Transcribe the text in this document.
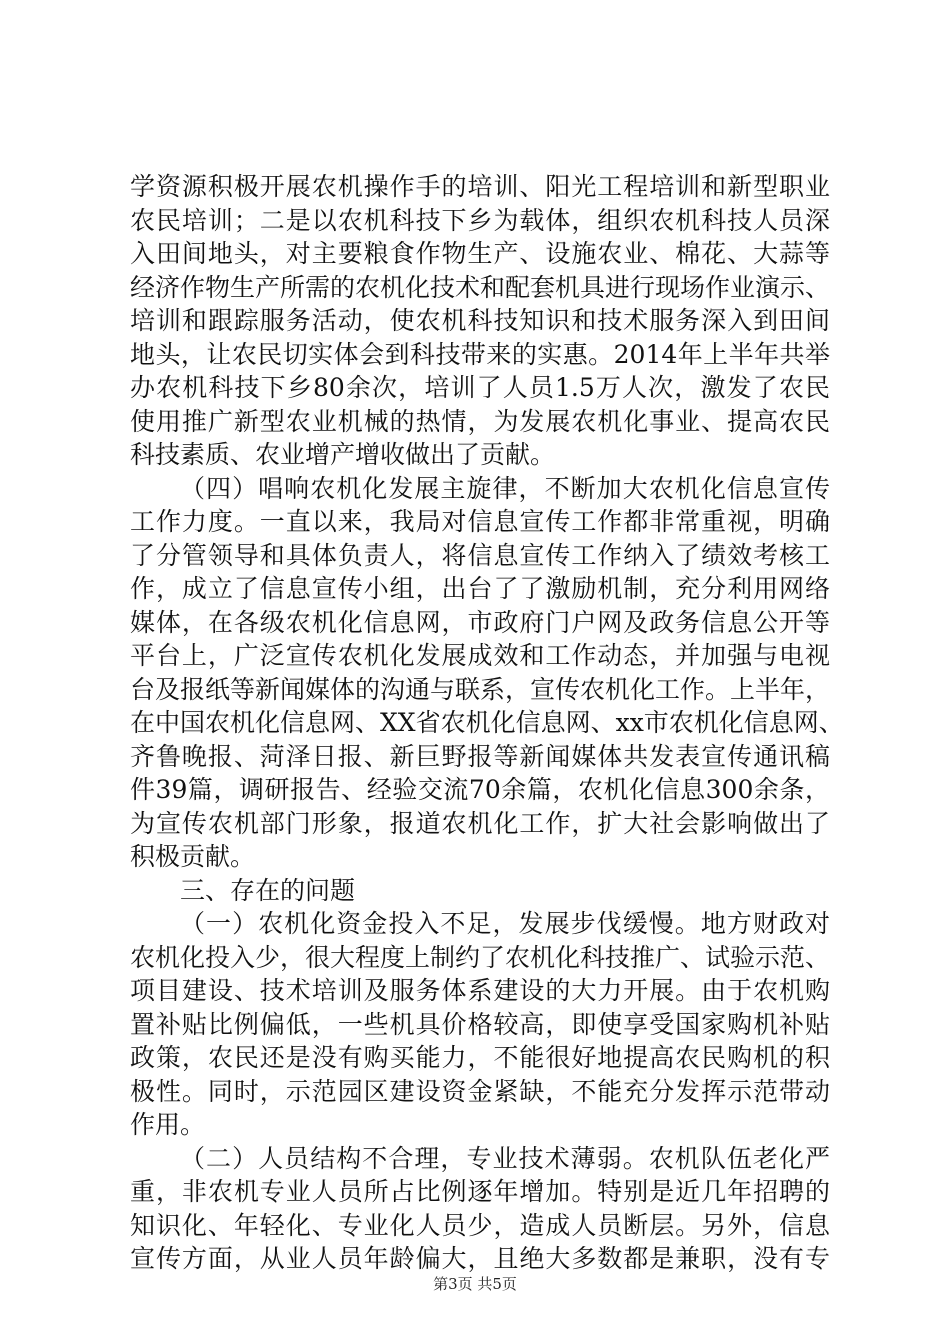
学资源积极开展农机操作手的培训、阳光工程培训和新型职业
农民培训；二是以农机科技下乡为载体，组织农机科技人员深
入田间地头，对主要粮食作物生产、设施农业、棉花、大蒜等
经济作物生产所需的农机化技术和配套机具进行现场作业演示、
培训和跟踪服务活动，使农机科技知识和技术服务深入到田间
地头，让农民切实体会到科技带来的实惠。2014年上半年共举
办农机科技下乡80余次，培训了人员1.5万人次，激发了农民
使用推广新型农业机械的热情，为发展农机化事业、提高农民
科技素质、农业增产增收做出了贡献。
（四）唱响农机化发展主旋律，不断加大农机化信息宣传
工作力度。一直以来，我局对信息宣传工作都非常重视，明确
了分管领导和具体负责人，将信息宣传工作纳入了绩效考核工
作，成立了信息宣传小组，出台了了激励机制，充分利用网络
媒体，在各级农机化信息网，市政府门户网及政务信息公开等
平台上，广泛宣传农机化发展成效和工作动态，并加强与电视
台及报纸等新闻媒体的沟通与联系，宣传农机化工作。上半年，
在中国农机化信息网、XX省农机化信息网、xx市农机化信息网、
齐鲁晚报、菏泽日报、新巨野报等新闻媒体共发表宣传通讯稿
件39篇，调研报告、经验交流70余篇，农机化信息300余条，
为宣传农机部门形象，报道农机化工作，扩大社会影响做出了
积极贡献。
三、存在的问题
（一）农机化资金投入不足，发展步伐缓慢。地方财政对
农机化投入少，很大程度上制约了农机化科技推广、试验示范、
项目建设、技术培训及服务体系建设的大力开展。由于农机购
置补贴比例偏低，一些机具价格较高，即使享受国家购机补贴
政策，农民还是没有购买能力，不能很好地提高农民购机的积
极性。同时，示范园区建设资金紧缺，不能充分发挥示范带动
作用。
（二）人员结构不合理，专业技术薄弱。农机队伍老化严
重，非农机专业人员所占比例逐年增加。特别是近几年招聘的
知识化、年轻化、专业化人员少，造成人员断层。另外，信息
宣传方面，从业人员年龄偏大，且绝大多数都是兼职，没有专
第3页 共5页
